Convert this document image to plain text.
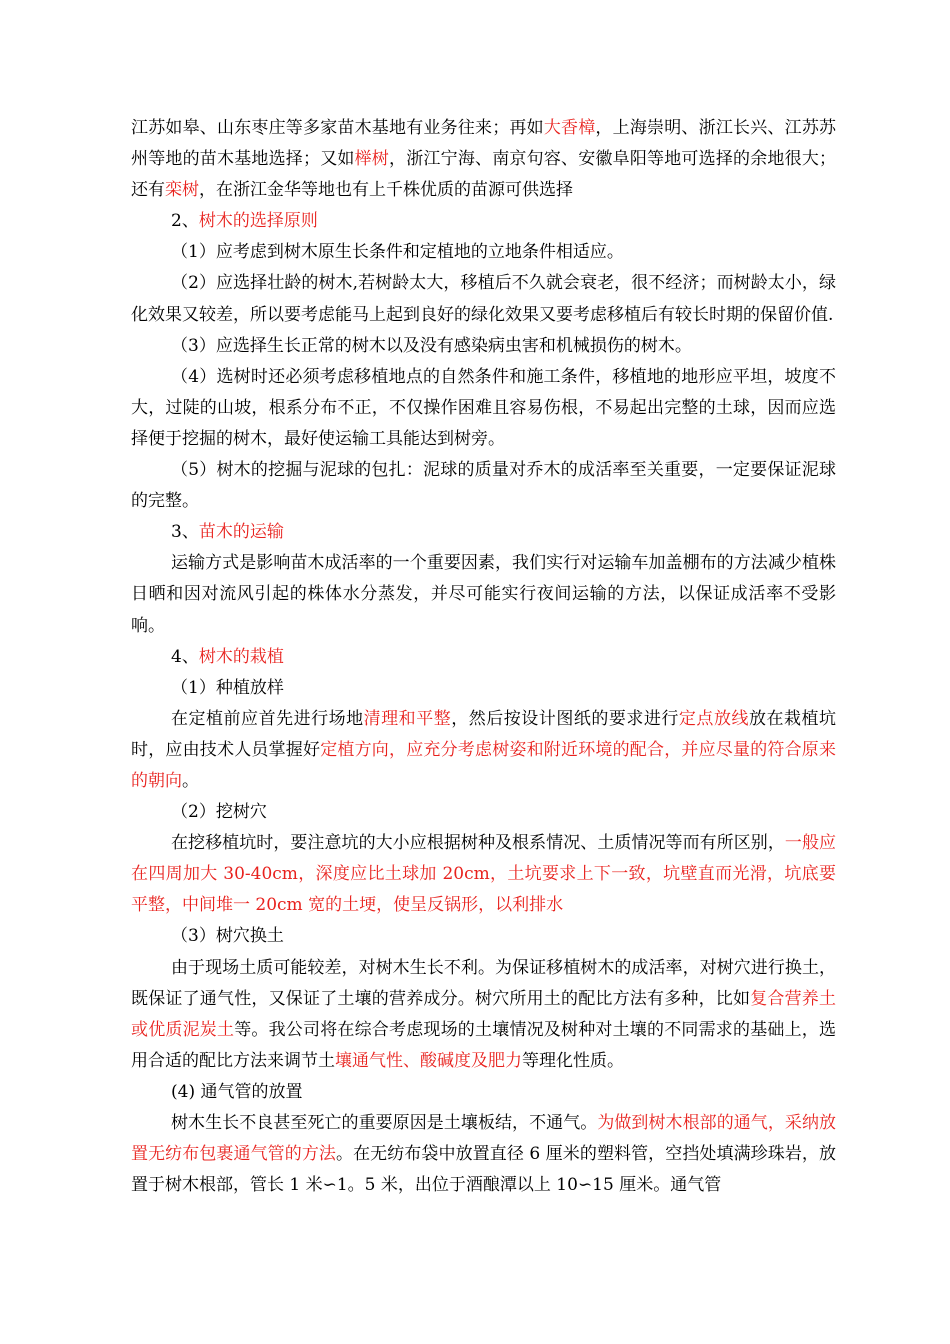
江苏如皋、山东枣庄等多家苗木基地有业务往来；再如大香樟，上海崇明、浙江长兴、江苏苏州等地的苗木基地选择；又如榉树，浙江宁海、南京句容、安徽阜阳等地可选择的余地很大；还有栾树，在浙江金华等地也有上千株优质的苗源可供选择

2、树木的选择原则

（1）应考虑到树木原生长条件和定植地的立地条件相适应。

（2）应选择壮龄的树木,若树龄太大，移植后不久就会衰老，很不经济；而树龄太小，绿化效果又较差，所以要考虑能马上起到良好的绿化效果又要考虑移植后有较长时期的保留价值.

（3）应选择生长正常的树木以及没有感染病虫害和机械损伤的树木。

（4）选树时还必须考虑移植地点的自然条件和施工条件，移植地的地形应平坦，坡度不大，过陡的山坡，根系分布不正，不仅操作困难且容易伤根，不易起出完整的土球，因而应选择便于挖掘的树木，最好使运输工具能达到树旁。

（5）树木的挖掘与泥球的包扎：泥球的质量对乔木的成活率至关重要，一定要保证泥球的完整。

3、苗木的运输

运输方式是影响苗木成活率的一个重要因素，我们实行对运输车加盖棚布的方法减少植株日晒和因对流风引起的株体水分蒸发，并尽可能实行夜间运输的方法，以保证成活率不受影响。

4、树木的栽植

（1）种植放样

在定植前应首先进行场地清理和平整，然后按设计图纸的要求进行定点放线放在栽植坑时，应由技术人员掌握好定植方向，应充分考虑树姿和附近环境的配合，并应尽量的符合原来的朝向。

（2）挖树穴

在挖移植坑时，要注意坑的大小应根据树种及根系情况、土质情况等而有所区别，一般应在四周加大 30-40cm，深度应比土球加 20cm，土坑要求上下一致，坑壁直而光滑，坑底要平整，中间堆一 20cm 宽的土埂，使呈反锅形，以利排水

（3）树穴换土

由于现场土质可能较差，对树木生长不利。为保证移植树木的成活率，对树穴进行换土，既保证了通气性，又保证了土壤的营养成分。树穴所用土的配比方法有多种，比如复合营养土或优质泥炭土等。我公司将在综合考虑现场的土壤情况及树种对土壤的不同需求的基础上，选用合适的配比方法来调节土壤通气性、酸碱度及肥力等理化性质。

(4) 通气管的放置

树木生长不良甚至死亡的重要原因是土壤板结，不通气。为做到树木根部的通气，采纳放置无纺布包裹通气管的方法。在无纺布袋中放置直径 6 厘米的塑料管，空挡处填满珍珠岩，放置于树木根部，管长 1 米∽1。5 米，出位于酒酿潭以上 10∽15 厘米。通气管
